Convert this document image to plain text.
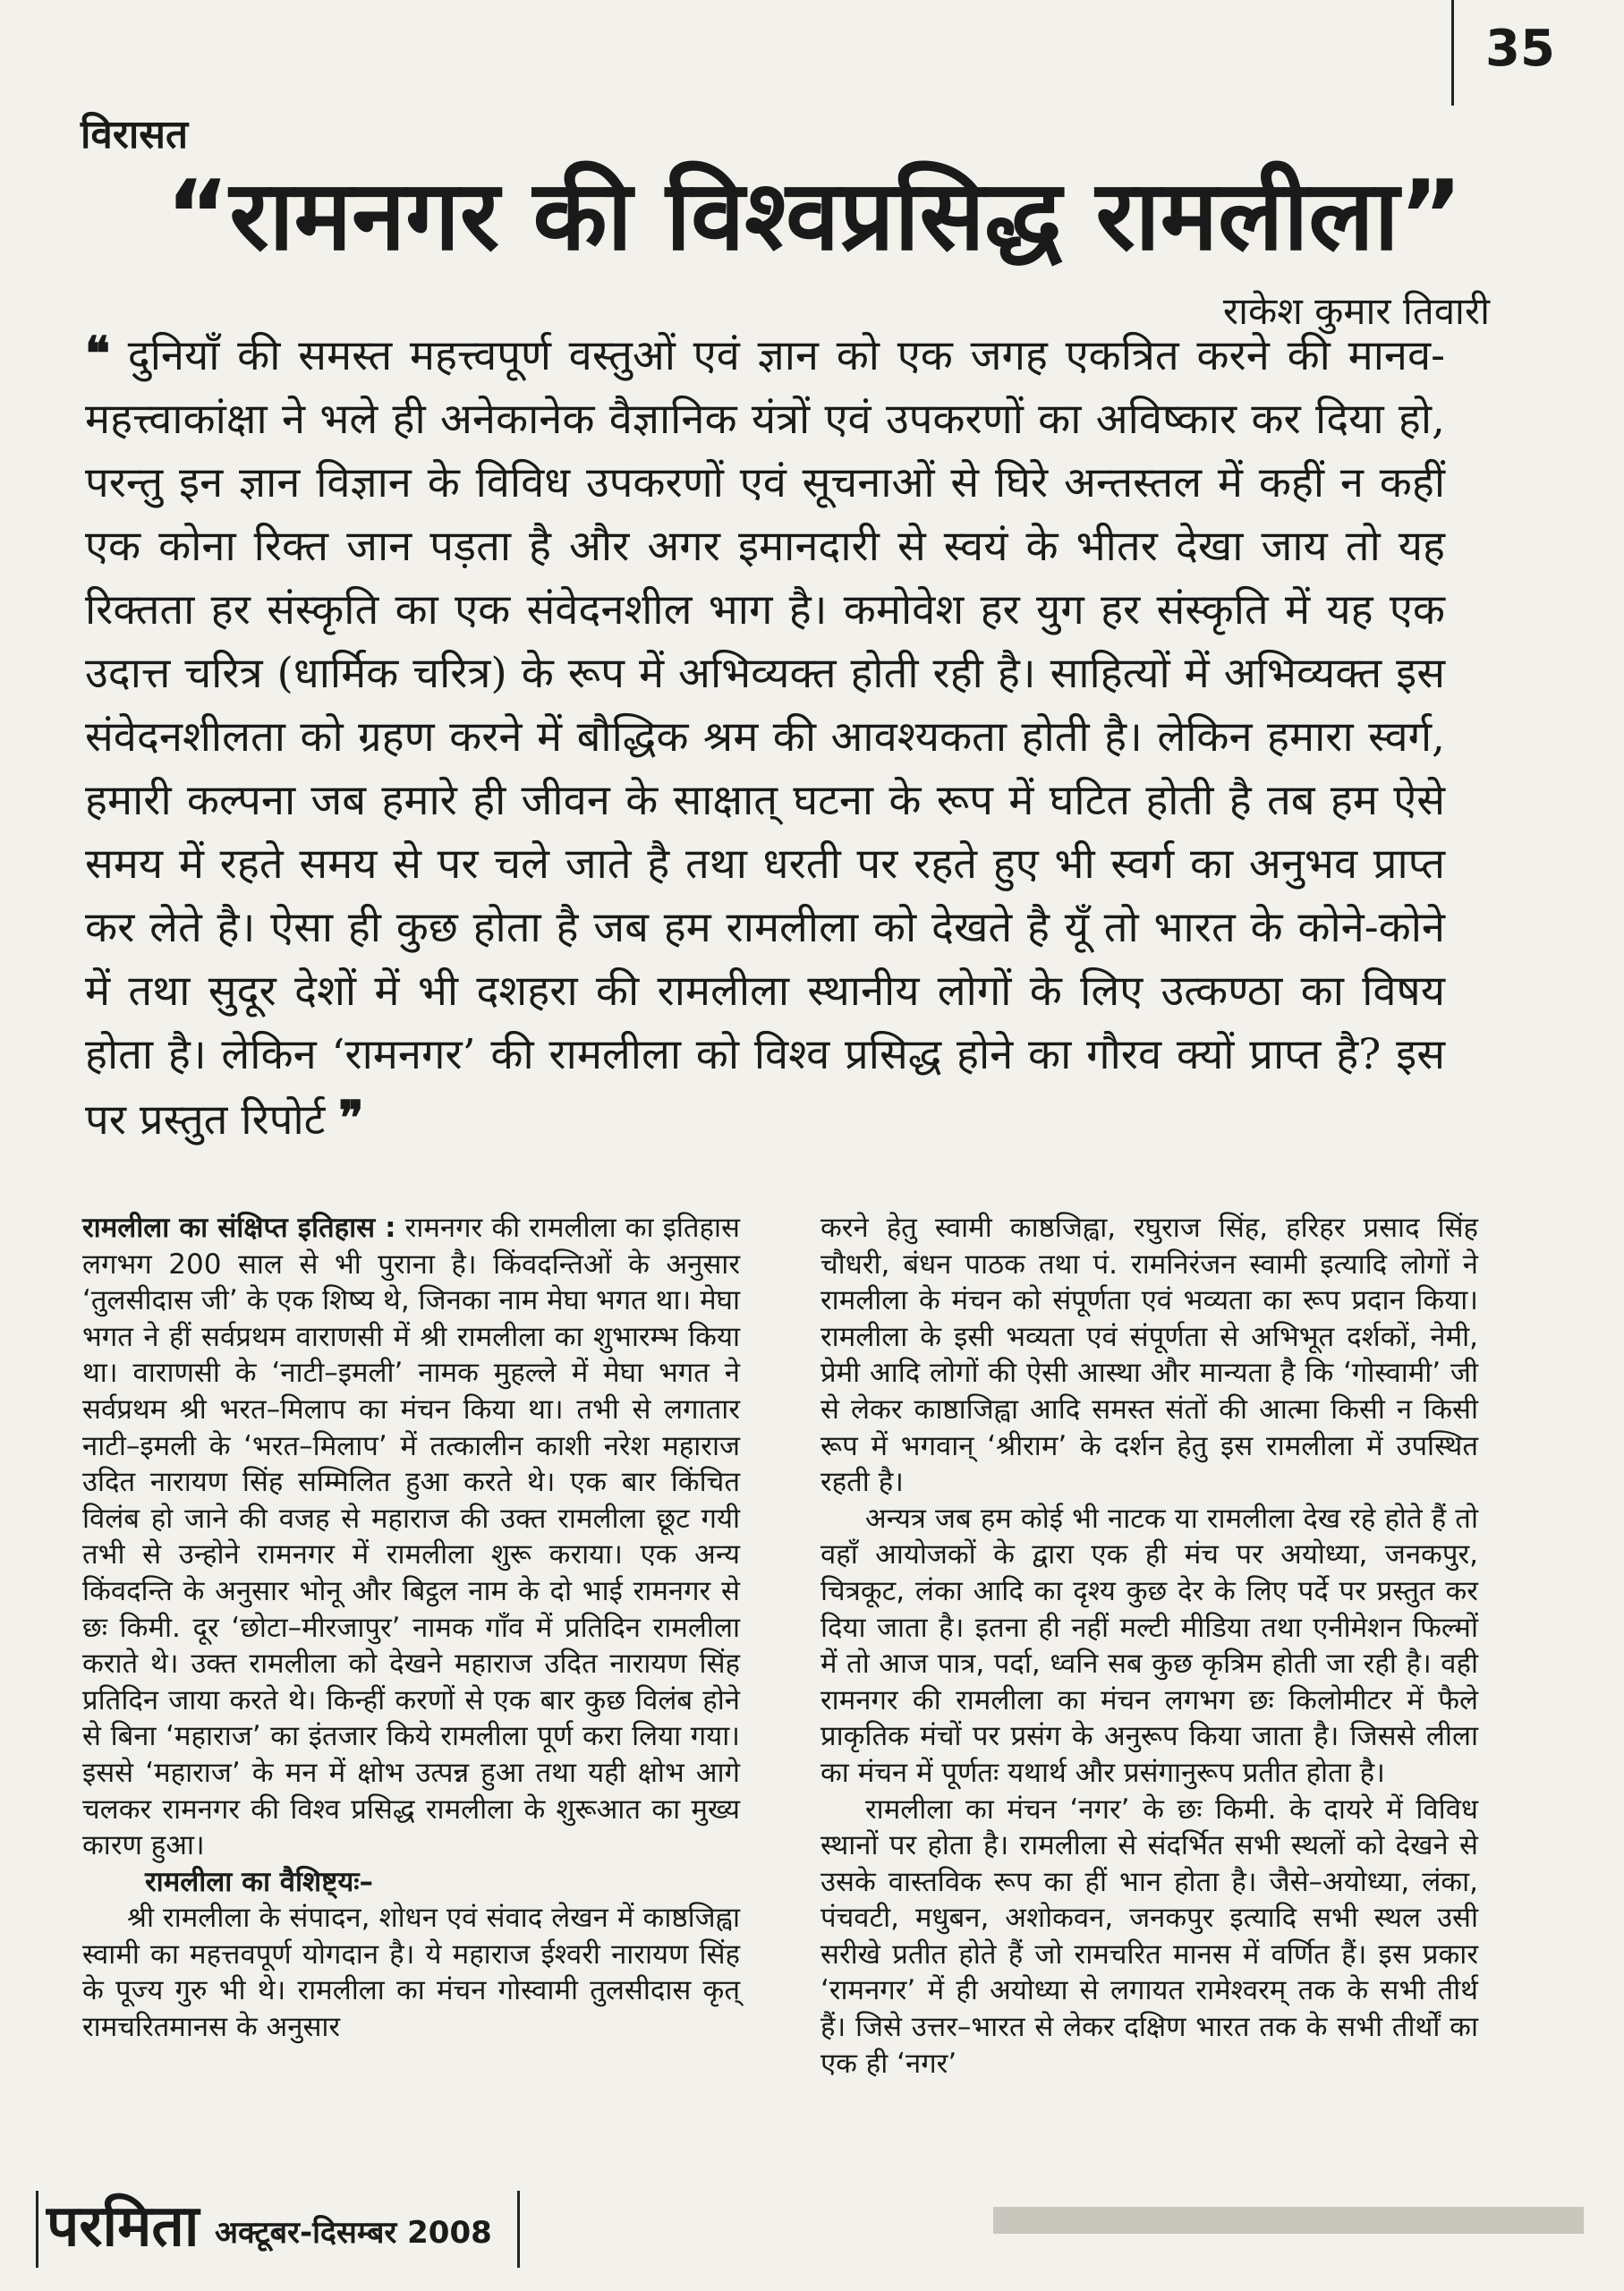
35
विरासत
“रामनगर की विश्वप्रसिद्ध रामलीला”
राकेश कुमार तिवारी
❝ दुनियाँ की समस्त महत्त्वपूर्ण वस्तुओं एवं ज्ञान को एक जगह एकत्रित करने की मानव-महत्त्वाकांक्षा ने भले ही अनेकानेक वैज्ञानिक यंत्रों एवं उपकरणों का अविष्कार कर दिया हो, परन्तु इन ज्ञान विज्ञान के विविध उपकरणों एवं सूचनाओं से घिरे अन्तस्तल में कहीं न कहीं एक कोना रिक्त जान पड़ता है और अगर इमानदारी से स्वयं के भीतर देखा जाय तो यह रिक्तता हर संस्कृति का एक संवेदनशील भाग है। कमोवेश हर युग हर संस्कृति में यह एक उदात्त चरित्र (धार्मिक चरित्र) के रूप में अभिव्यक्त होती रही है। साहित्यों में अभिव्यक्त इस संवेदनशीलता को ग्रहण करने में बौद्धिक श्रम की आवश्यकता होती है। लेकिन हमारा स्वर्ग, हमारी कल्पना जब हमारे ही जीवन के साक्षात् घटना के रूप में घटित होती है तब हम ऐसे समय में रहते समय से पर चले जाते है तथा धरती पर रहते हुए भी स्वर्ग का अनुभव प्राप्त कर लेते है। ऐसा ही कुछ होता है जब हम रामलीला को देखते है यूँ तो भारत के कोने-कोने में तथा सुदूर देशों में भी दशहरा की रामलीला स्थानीय लोगों के लिए उत्कण्ठा का विषय होता है। लेकिन ‘रामनगर’ की रामलीला को विश्व प्रसिद्ध होने का गौरव क्यों प्राप्त है? इस पर प्रस्तुत रिपोर्ट ❞

रामलीला का संक्षिप्त इतिहास : रामनगर की रामलीला का इतिहास लगभग 200 साल से भी पुराना है। किंवदन्तिओं के अनुसार ‘तुलसीदास जी’ के एक शिष्य थे, जिनका नाम मेघा भगत था। मेघा भगत ने हीं सर्वप्रथम वाराणसी में श्री रामलीला का शुभारम्भ किया था। वाराणसी के ‘नाटी–इमली’ नामक मुहल्ले में मेघा भगत ने सर्वप्रथम श्री भरत–मिलाप का मंचन किया था। तभी से लगातार नाटी–इमली के ‘भरत–मिलाप’ में तत्कालीन काशी नरेश महाराज उदित नारायण सिंह सम्मिलित हुआ करते थे। एक बार किंचित विलंब हो जाने की वजह से महाराज की उक्त रामलीला छूट गयी तभी से उन्होने रामनगर में रामलीला शुरू कराया। एक अन्य किंवदन्ति के अनुसार भोनू और बिट्ठल नाम के दो भाई रामनगर से छः किमी. दूर ‘छोटा–मीरजापुर’ नामक गाँव में प्रतिदिन रामलीला कराते थे। उक्त रामलीला को देखने महाराज उदित नारायण सिंह प्रतिदिन जाया करते थे। किन्हीं करणों से एक बार कुछ विलंब होने से बिना ‘महाराज’ का इंतजार किये रामलीला पूर्ण करा लिया गया। इससे ‘महाराज’ के मन में क्षोभ उत्पन्न हुआ तथा यही क्षोभ आगे चलकर रामनगर की विश्व प्रसिद्ध रामलीला के शुरूआत का मुख्य कारण हुआ।

रामलीला का वैशिष्ट्यः–

श्री रामलीला के संपादन, शोधन एवं संवाद लेखन में काष्ठजिह्वा स्वामी का महत्तवपूर्ण योगदान है। ये महाराज ईश्वरी नारायण सिंह के पूज्य गुरु भी थे। रामलीला का मंचन गोस्वामी तुलसीदास कृत् रामचरितमानस के अनुसार

करने हेतु स्वामी काष्ठजिह्वा, रघुराज सिंह, हरिहर प्रसाद सिंह चौधरी, बंधन पाठक तथा पं. रामनिरंजन स्वामी इत्यादि लोगों ने रामलीला के मंचन को संपूर्णता एवं भव्यता का रूप प्रदान किया। रामलीला के इसी भव्यता एवं संपूर्णता से अभिभूत दर्शकों, नेमी, प्रेमी आदि लोगों की ऐसी आस्था और मान्यता है कि ‘गोस्वामी’ जी से लेकर काष्ठाजिह्वा आदि समस्त संतों की आत्मा किसी न किसी रूप में भगवान् ‘श्रीराम’ के दर्शन हेतु इस रामलीला में उपस्थित रहती है।

अन्यत्र जब हम कोई भी नाटक या रामलीला देख रहे होते हैं तो वहाँ आयोजकों के द्वारा एक ही मंच पर अयोध्या, जनकपुर, चित्रकूट, लंका आदि का दृश्य कुछ देर के लिए पर्दे पर प्रस्तुत कर दिया जाता है। इतना ही नहीं मल्टी मीडिया तथा एनीमेशन फिल्मों में तो आज पात्र, पर्दा, ध्वनि सब कुछ कृत्रिम होती जा रही है। वही रामनगर की रामलीला का मंचन लगभग छः किलोमीटर में फैले प्राकृतिक मंचों पर प्रसंग के अनुरूप किया जाता है। जिससे लीला का मंचन में पूर्णतः यथार्थ और प्रसंगानुरूप प्रतीत होता है।

रामलीला का मंचन ‘नगर’ के छः किमी. के दायरे में विविध स्थानों पर होता है। रामलीला से संदर्भित सभी स्थलों को देखने से उसके वास्तविक रूप का हीं भान होता है। जैसे–अयोध्या, लंका, पंचवटी, मधुबन, अशोकवन, जनकपुर इत्यादि सभी स्थल उसी सरीखे प्रतीत होते हैं जो रामचरित मानस में वर्णित हैं। इस प्रकार ‘रामनगर’ में ही अयोध्या से लगायत रामेश्वरम् तक के सभी तीर्थ हैं। जिसे उत्तर–भारत से लेकर दक्षिण भारत तक के सभी तीर्थों का एक ही ‘नगर’

परमिता अक्टूबर-दिसम्बर 2008
